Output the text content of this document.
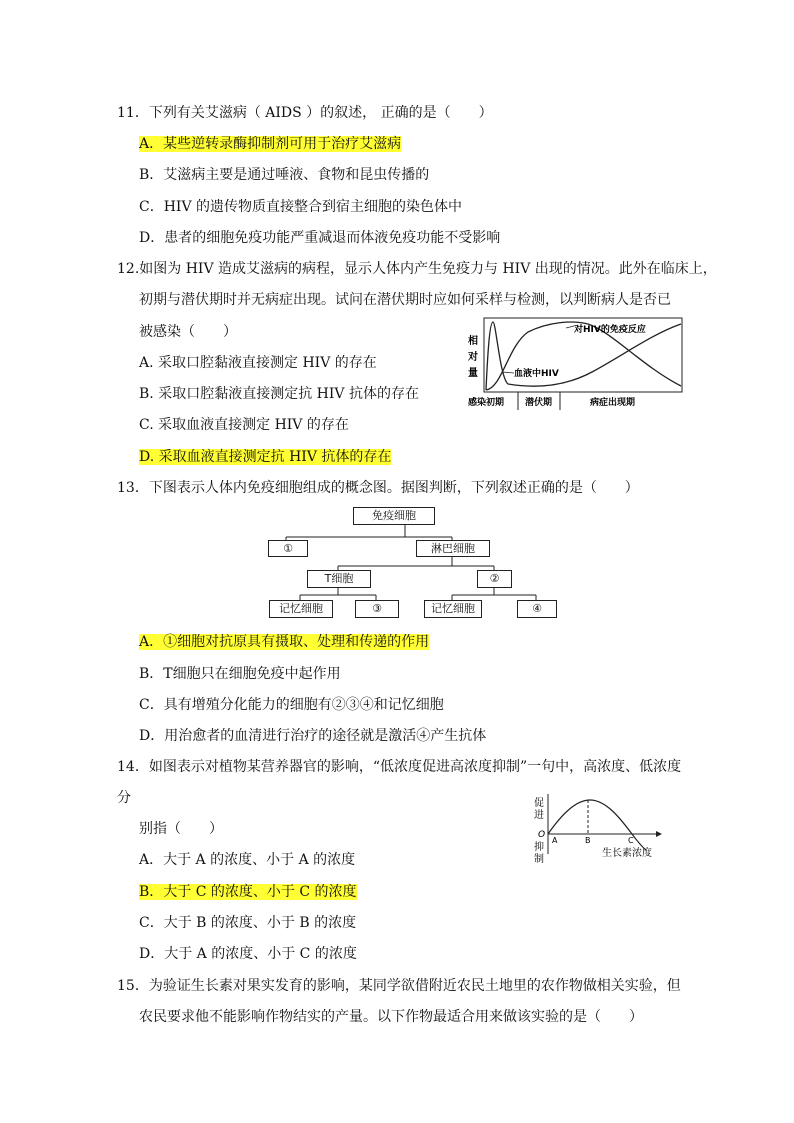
11．下列有关艾滋病（ AIDS ）的叙述， 正确的是（　　）
A．某些逆转录酶抑制剂可用于治疗艾滋病
B．艾滋病主要是通过唾液、食物和昆虫传播的
C．HIV 的遗传物质直接整合到宿主细胞的染色体中
D．患者的细胞免疫功能严重减退而体液免疫功能不受影响
12.如图为 HIV 造成艾滋病的病程，显示人体内产生免疫力与 HIV 出现的情况。此外在临床上，
初期与潜伏期时并无病症出现。试问在潜伏期时应如何采样与检测，以判断病人是否已
被感染（　　）
A. 采取口腔黏液直接测定 HIV 的存在
B. 采取口腔黏液直接测定抗 HIV 抗体的存在
C. 采取血液直接测定 HIV 的存在
D. 采取血液直接测定抗 HIV 抗体的存在
相
对
量
对HIV的免疫反应
血液中HIV
感染初期 潜伏期	病症出现期
13．下图表示人体内免疫细胞组成的概念图。据图判断，下列叙述正确的是（　　）
免疫细胞
①	淋巴细胞
T细胞	②
记忆细胞	③	记忆细胞	④
A．①细胞对抗原具有摄取、处理和传递的作用
B．T细胞只在细胞免疫中起作用
C．具有增殖分化能力的细胞有②③④和记忆细胞
D．用治愈者的血清进行治疗的途径就是激活④产生抗体
14．如图表示对植物某营养器官的影响，“低浓度促进高浓度抑制”一句中，高浓度、低浓度
分
别指（　　）
A．大于 A 的浓度、小于 A 的浓度
B．大于 C 的浓度、小于 C 的浓度
C．大于 B 的浓度、小于 B 的浓度
D．大于 A 的浓度、小于 C 的浓度
促
进
O
抑
制
A	B	C
生长素浓度
15．为验证生长素对果实发育的影响，某同学欲借附近农民土地里的农作物做相关实验，但
农民要求他不能影响作物结实的产量。以下作物最适合用来做该实验的是（　　）
